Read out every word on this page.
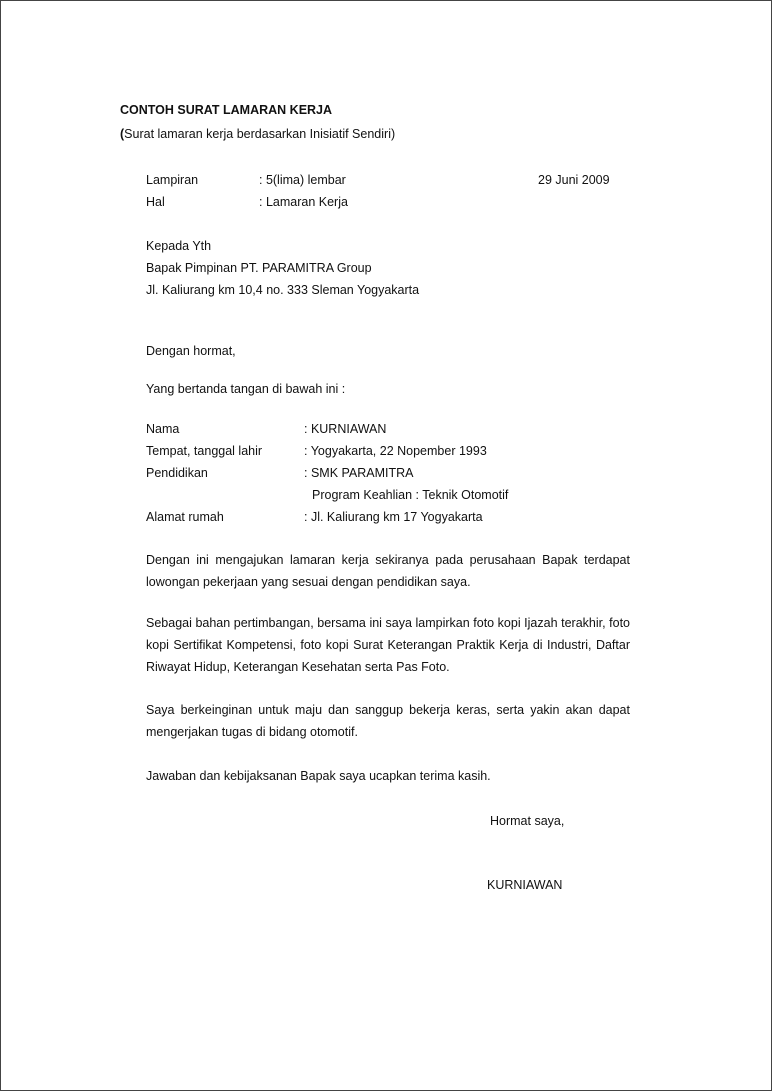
CONTOH SURAT LAMARAN KERJA
(Surat lamaran kerja berdasarkan Inisiatif Sendiri)
Lampiran	: 5(lima) lembar	29 Juni 2009
Hal	: Lamaran Kerja
Kepada Yth
Bapak Pimpinan PT. PARAMITRA Group
Jl. Kaliurang km 10,4 no. 333 Sleman Yogyakarta
Dengan hormat,
Yang bertanda tangan di bawah ini :
Nama	: KURNIAWAN
Tempat, tanggal lahir	: Yogyakarta, 22 Nopember 1993
Pendidikan	: SMK PARAMITRA
Program Keahlian : Teknik Otomotif
Alamat rumah	: Jl. Kaliurang km 17 Yogyakarta
Dengan ini mengajukan lamaran kerja sekiranya pada perusahaan Bapak terdapat lowongan pekerjaan yang sesuai dengan pendidikan saya.
Sebagai bahan pertimbangan, bersama ini saya lampirkan foto kopi Ijazah terakhir, foto kopi Sertifikat Kompetensi, foto kopi Surat Keterangan Praktik Kerja di Industri, Daftar Riwayat Hidup, Keterangan Kesehatan serta Pas Foto.
Saya berkeinginan untuk maju dan sanggup bekerja keras, serta yakin akan dapat mengerjakan tugas di bidang otomotif.
Jawaban dan kebijaksanan Bapak saya ucapkan terima kasih.
Hormat saya,
KURNIAWAN
